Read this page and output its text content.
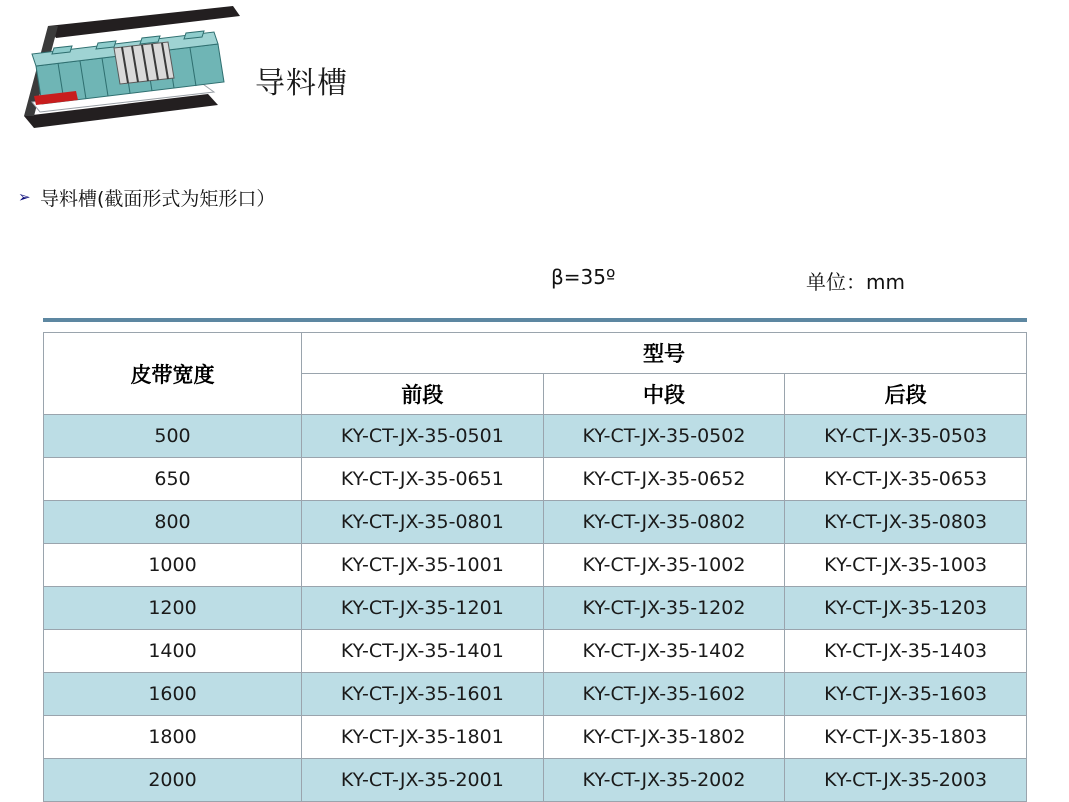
导料槽
➢ 导料槽(截面形式为矩形口）
β=35º	单位：mm
皮带宽度	型号		
	前段	中段	后段
500	KY-CT-JX-35-0501	KY-CT-JX-35-0502	KY-CT-JX-35-0503
650	KY-CT-JX-35-0651	KY-CT-JX-35-0652	KY-CT-JX-35-0653
800	KY-CT-JX-35-0801	KY-CT-JX-35-0802	KY-CT-JX-35-0803
1000	KY-CT-JX-35-1001	KY-CT-JX-35-1002	KY-CT-JX-35-1003
1200	KY-CT-JX-35-1201	KY-CT-JX-35-1202	KY-CT-JX-35-1203
1400	KY-CT-JX-35-1401	KY-CT-JX-35-1402	KY-CT-JX-35-1403
1600	KY-CT-JX-35-1601	KY-CT-JX-35-1602	KY-CT-JX-35-1603
1800	KY-CT-JX-35-1801	KY-CT-JX-35-1802	KY-CT-JX-35-1803
2000	KY-CT-JX-35-2001	KY-CT-JX-35-2002	KY-CT-JX-35-2003
